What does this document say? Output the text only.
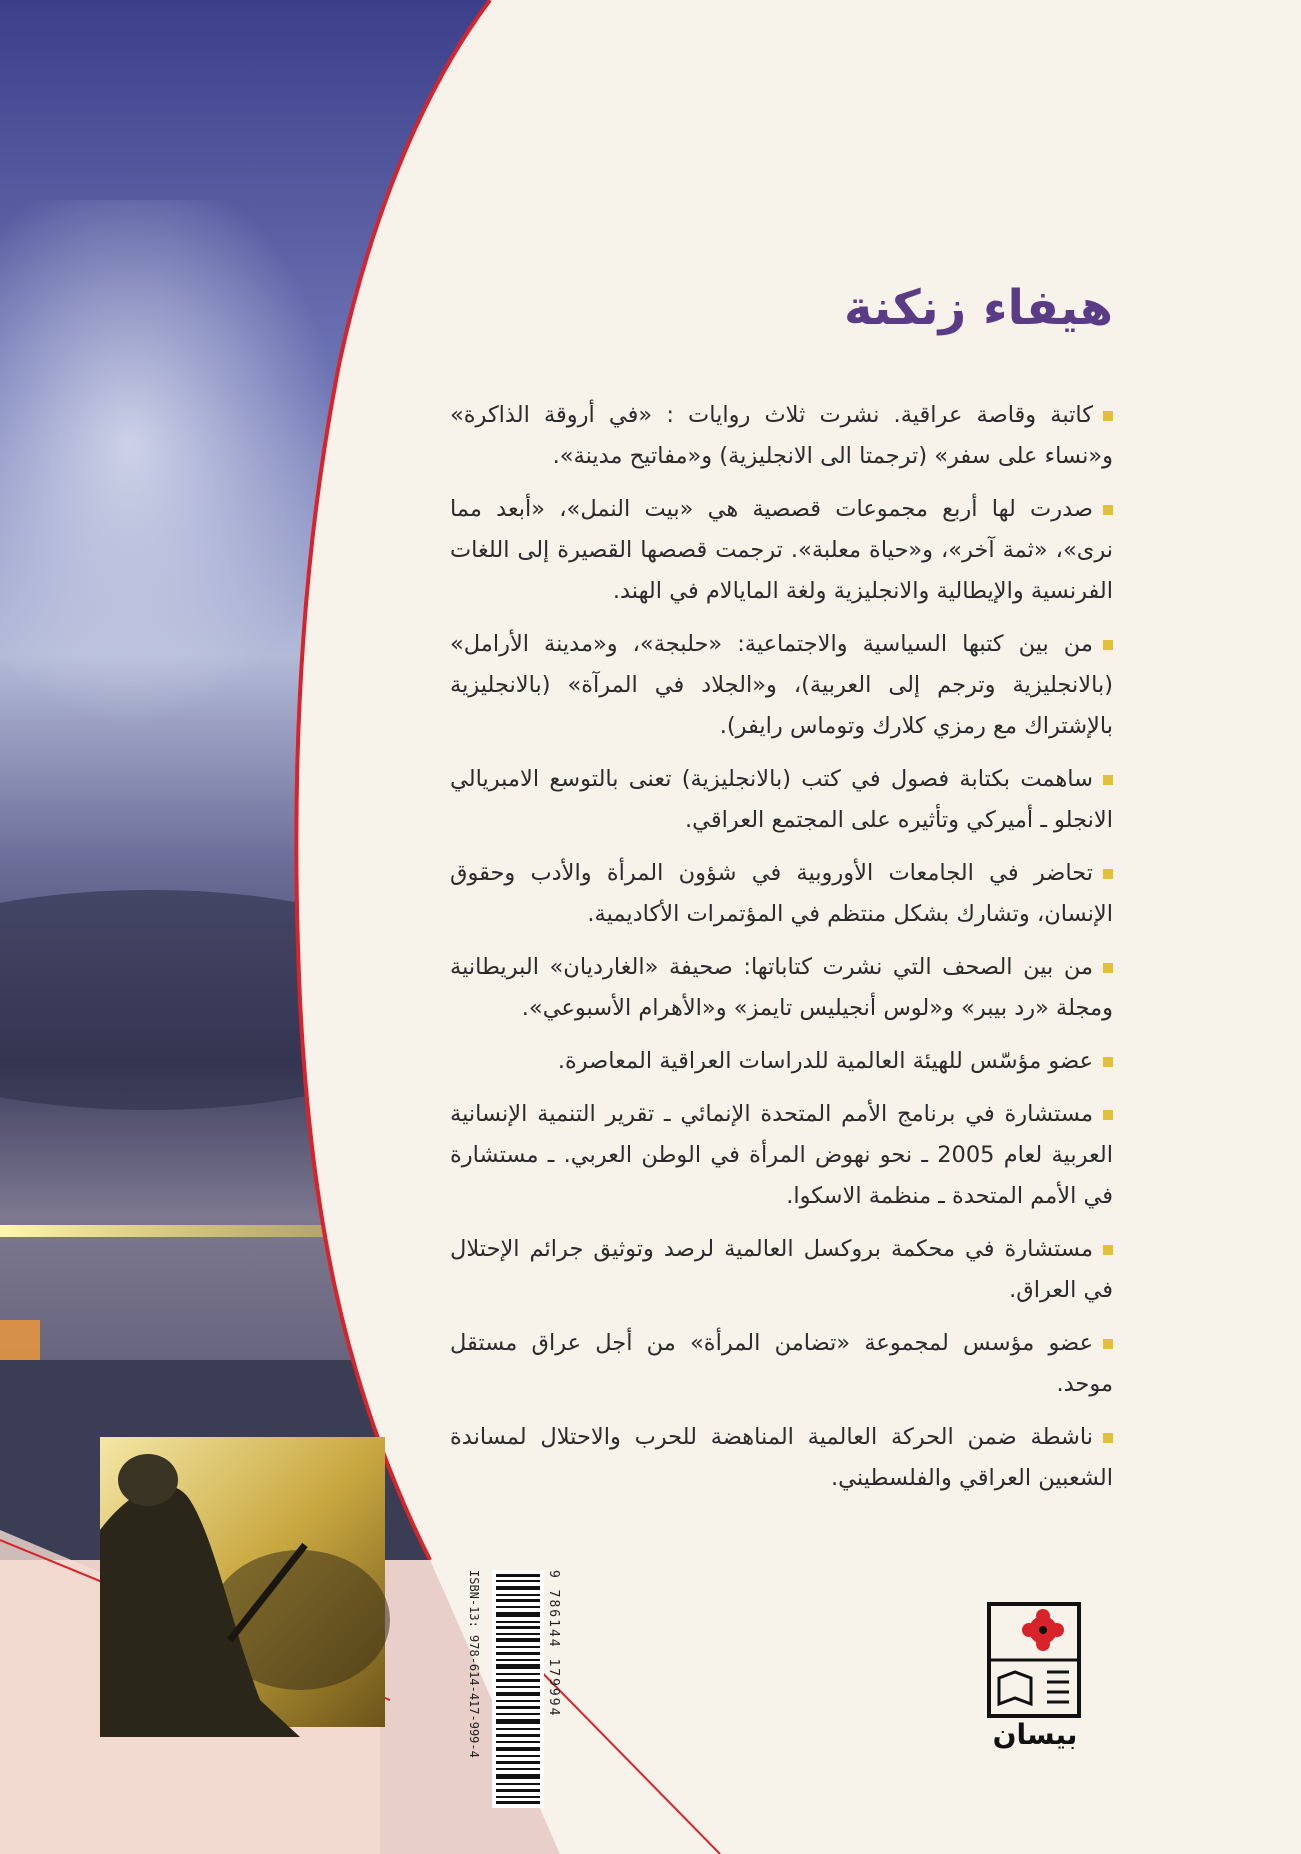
هيفاء زنكنة

كاتبة وقاصة عراقية. نشرت ثلاث روايات : «في أروقة الذاكرة» و«نساء على سفر» (ترجمتا الى الانجليزية) و«مفاتيح مدينة».

صدرت لها أربع مجموعات قصصية هي «بيت النمل»، «أبعد مما نرى»، «ثمة آخر»، و«حياة معلبة». ترجمت قصصها القصيرة إلى اللغات الفرنسية والإيطالية والانجليزية ولغة المايالام في الهند.

من بين كتبها السياسية والاجتماعية: «حلبجة»، و«مدينة الأرامل» (بالانجليزية وترجم إلى العربية)، و«الجلاد في المرآة» (بالانجليزية بالإشتراك مع رمزي كلارك وتوماس رايفر).

ساهمت بكتابة فصول في كتب (بالانجليزية) تعنى بالتوسع الامبريالي الانجلو ـ أميركي وتأثيره على المجتمع العراقي.

تحاضر في الجامعات الأوروبية في شؤون المرأة والأدب وحقوق الإنسان، وتشارك بشكل منتظم في المؤتمرات الأكاديمية.

من بين الصحف التي نشرت كتاباتها: صحيفة «الغارديان» البريطانية ومجلة «رد بيبر» و«لوس أنجيليس تايمز» و«الأهرام الأسبوعي».

عضو مؤسّس للهيئة العالمية للدراسات العراقية المعاصرة.

مستشارة في برنامج الأمم المتحدة الإنمائي ـ تقرير التنمية الإنسانية العربية لعام 2005 ـ نحو نهوض المرأة في الوطن العربي. ـ مستشارة في الأمم المتحدة ـ منظمة الاسكوا.

مستشارة في محكمة بروكسل العالمية لرصد وتوثيق جرائم الإحتلال في العراق.

عضو مؤسس لمجموعة «تضامن المرأة» من أجل عراق مستقل موحد.

ناشطة ضمن الحركة العالمية المناهضة للحرب والاحتلال لمساندة الشعبين العراقي والفلسطيني.

ISBN-13: 978-614-417-999-4	9 786144 179994
بيسان
